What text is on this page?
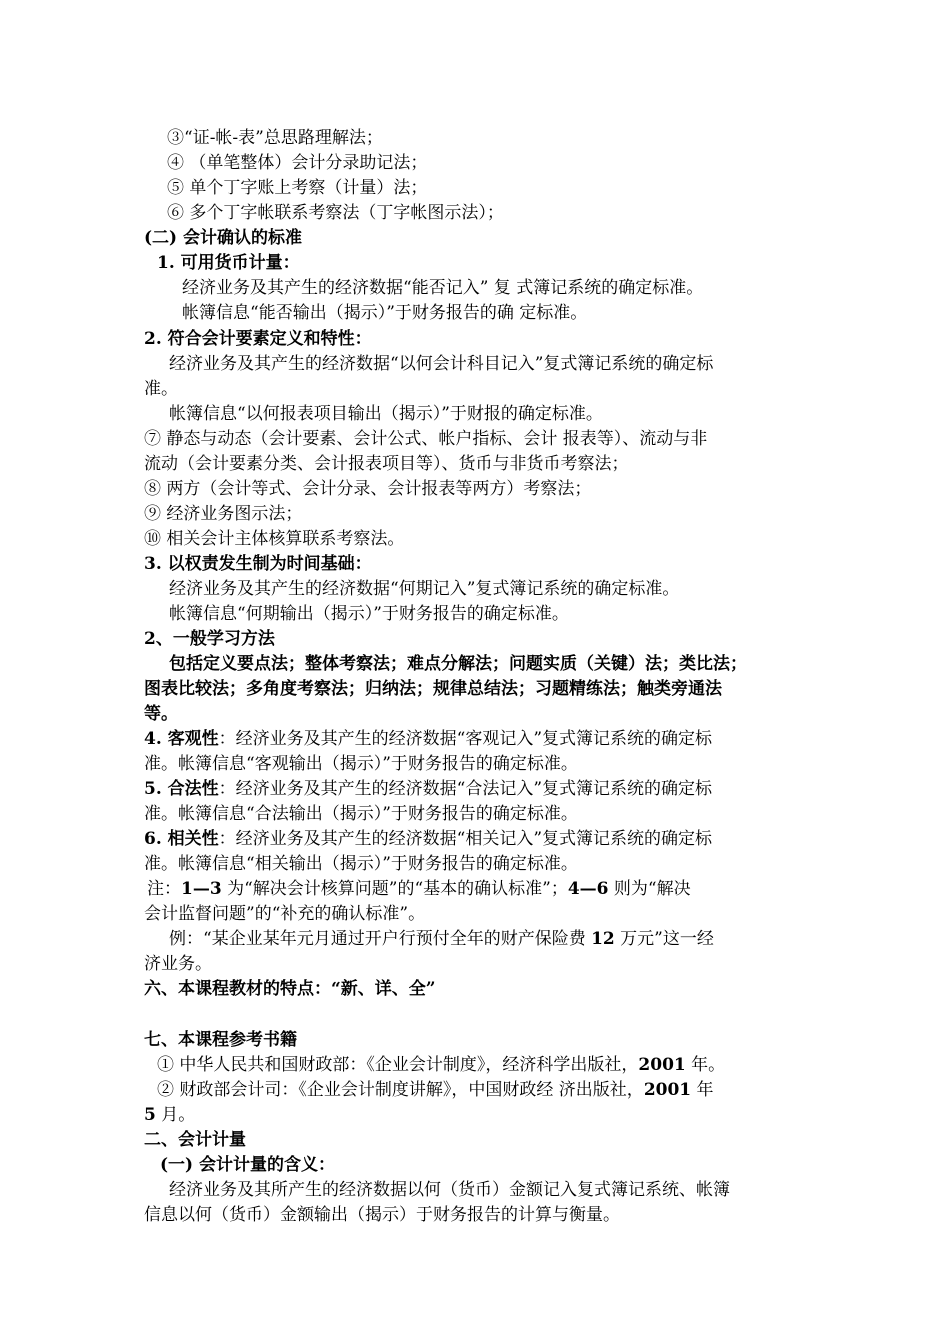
③“证-帐-表”总思路理解法；
④ （单笔整体）会计分录助记法；
⑤ 单个丁字账上考察（计量）法；
⑥ 多个丁字帐联系考察法（丁字帐图示法）；
(二) 会计确认的标准
1. 可用货币计量：
经济业务及其产生的经济数据“能否记入” 复 式簿记系统的确定标准。
帐簿信息“能否输出（揭示）”于财务报告的确 定标准。
2. 符合会计要素定义和特性：
经济业务及其产生的经济数据“以何会计科目记入”复式簿记系统的确定标
准。
帐簿信息“以何报表项目输出（揭示）”于财报的确定标准。
⑦ 静态与动态（会计要素、会计公式、帐户指标、会计 报表等）、流动与非
流动（会计要素分类、会计报表项目等）、货币与非货币考察法；
⑧ 两方（会计等式、会计分录、会计报表等两方）考察法；
⑨ 经济业务图示法；
⑩ 相关会计主体核算联系考察法。
3. 以权责发生制为时间基础：
经济业务及其产生的经济数据“何期记入”复式簿记系统的确定标准。
帐簿信息“何期输出（揭示）”于财务报告的确定标准。
2、一般学习方法
包括定义要点法；整体考察法；难点分解法；问题实质（关键）法；类比法；
图表比较法；多角度考察法；归纳法；规律总结法；习题精练法；触类旁通法
等。
4. 客观性：经济业务及其产生的经济数据“客观记入”复式簿记系统的确定标
准。帐簿信息“客观输出（揭示）”于财务报告的确定标准。
5. 合法性：经济业务及其产生的经济数据“合法记入”复式簿记系统的确定标
准。帐簿信息“合法输出（揭示）”于财务报告的确定标准。
6. 相关性：经济业务及其产生的经济数据“相关记入”复式簿记系统的确定标
准。帐簿信息“相关输出（揭示）”于财务报告的确定标准。
注：1—3 为“解决会计核算问题”的“基本的确认标准”；4—6 则为“解决
会计监督问题”的“补充的确认标准”。
例：“某企业某年元月通过开户行预付全年的财产保险费 12 万元”这一经
济业务。
六、本课程教材的特点：“新、详、全”
七、本课程参考书籍
① 中华人民共和国财政部：《企业会计制度》，经济科学出版社，2001 年。
② 财政部会计司：《企业会计制度讲解》，中国财政经 济出版社，2001 年
5 月。
二、会计计量
(一) 会计计量的含义：
经济业务及其所产生的经济数据以何（货币）金额记入复式簿记系统、帐簿
信息以何（货币）金额输出（揭示）于财务报告的计算与衡量。
